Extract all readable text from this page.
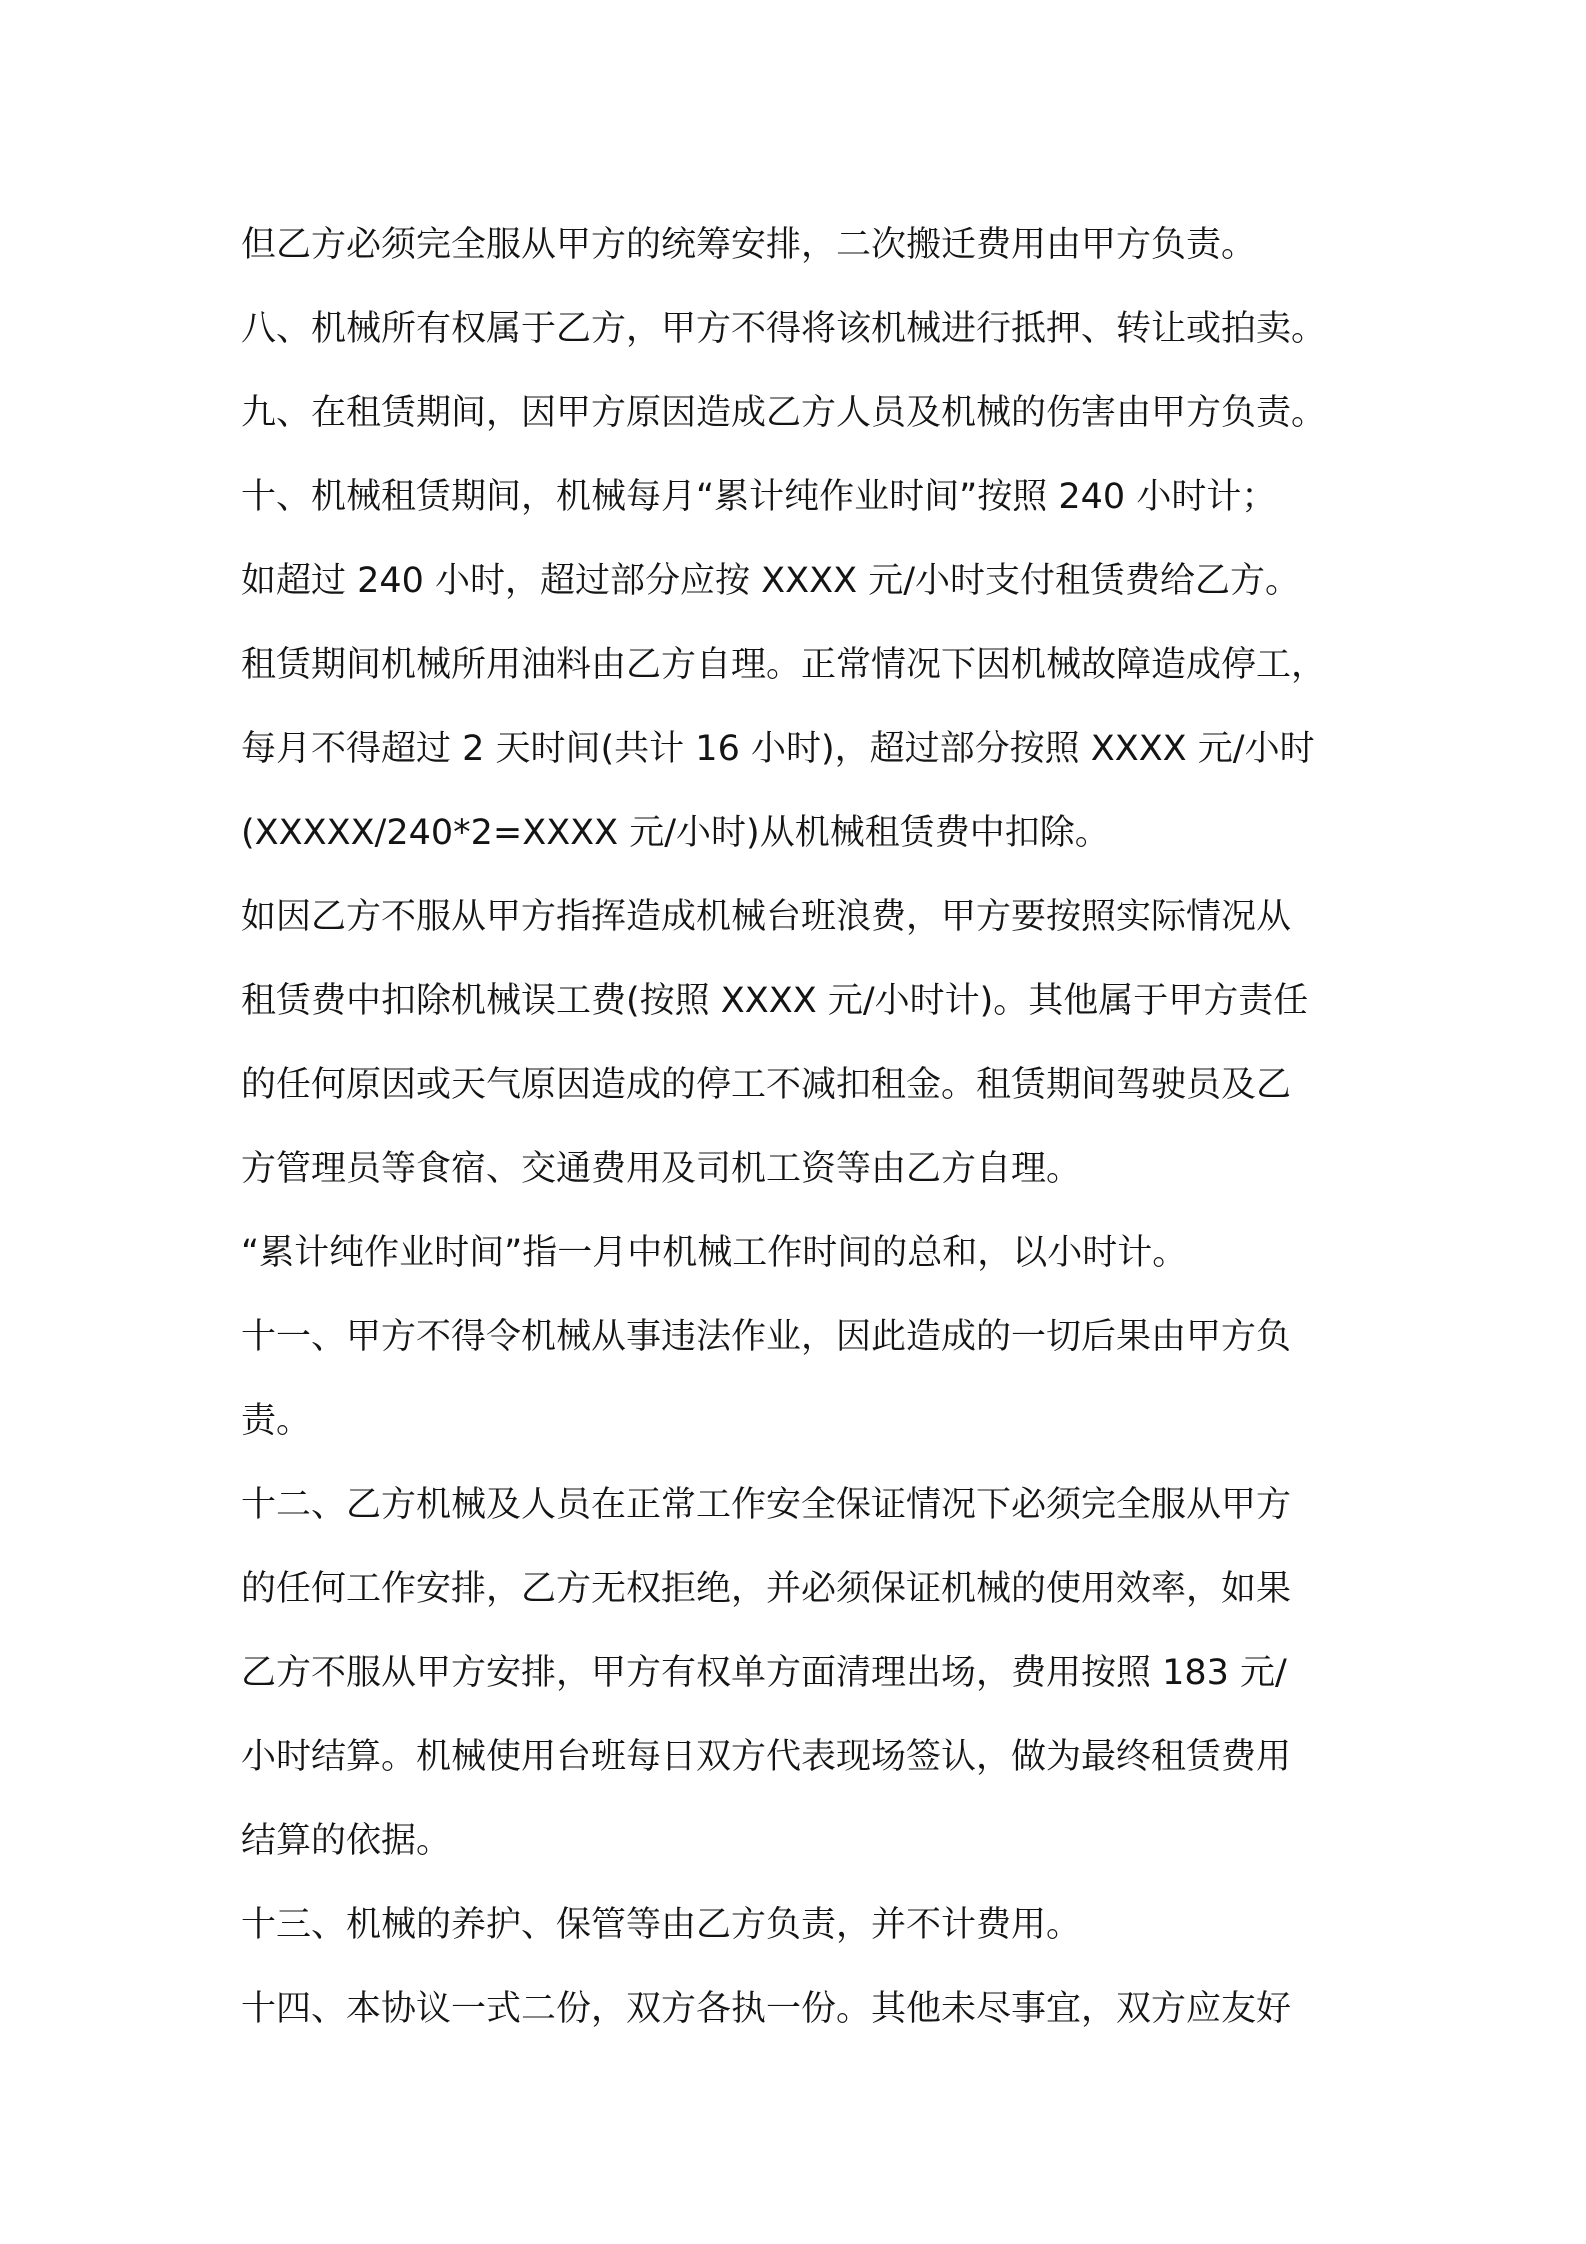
但乙方必须完全服从甲方的统筹安排，二次搬迁费用由甲方负责。
八、机械所有权属于乙方，甲方不得将该机械进行抵押、转让或拍卖。
九、在租赁期间，因甲方原因造成乙方人员及机械的伤害由甲方负责。
十、机械租赁期间，机械每月“累计纯作业时间”按照 240 小时计；
如超过 240 小时，超过部分应按 XXXX 元/小时支付租赁费给乙方。
租赁期间机械所用油料由乙方自理。正常情况下因机械故障造成停工，
每月不得超过 2 天时间(共计 16 小时)，超过部分按照 XXXX 元/小时
(XXXXX/240*2=XXXX 元/小时)从机械租赁费中扣除。
如因乙方不服从甲方指挥造成机械台班浪费，甲方要按照实际情况从
租赁费中扣除机械误工费(按照 XXXX 元/小时计)。其他属于甲方责任
的任何原因或天气原因造成的停工不减扣租金。租赁期间驾驶员及乙
方管理员等食宿、交通费用及司机工资等由乙方自理。
“累计纯作业时间”指一月中机械工作时间的总和，以小时计。
十一、甲方不得令机械从事违法作业，因此造成的一切后果由甲方负
责。
十二、乙方机械及人员在正常工作安全保证情况下必须完全服从甲方
的任何工作安排，乙方无权拒绝，并必须保证机械的使用效率，如果
乙方不服从甲方安排，甲方有权单方面清理出场，费用按照 183 元/
小时结算。机械使用台班每日双方代表现场签认，做为最终租赁费用
结算的依据。
十三、机械的养护、保管等由乙方负责，并不计费用。
十四、本协议一式二份，双方各执一份。其他未尽事宜，双方应友好
